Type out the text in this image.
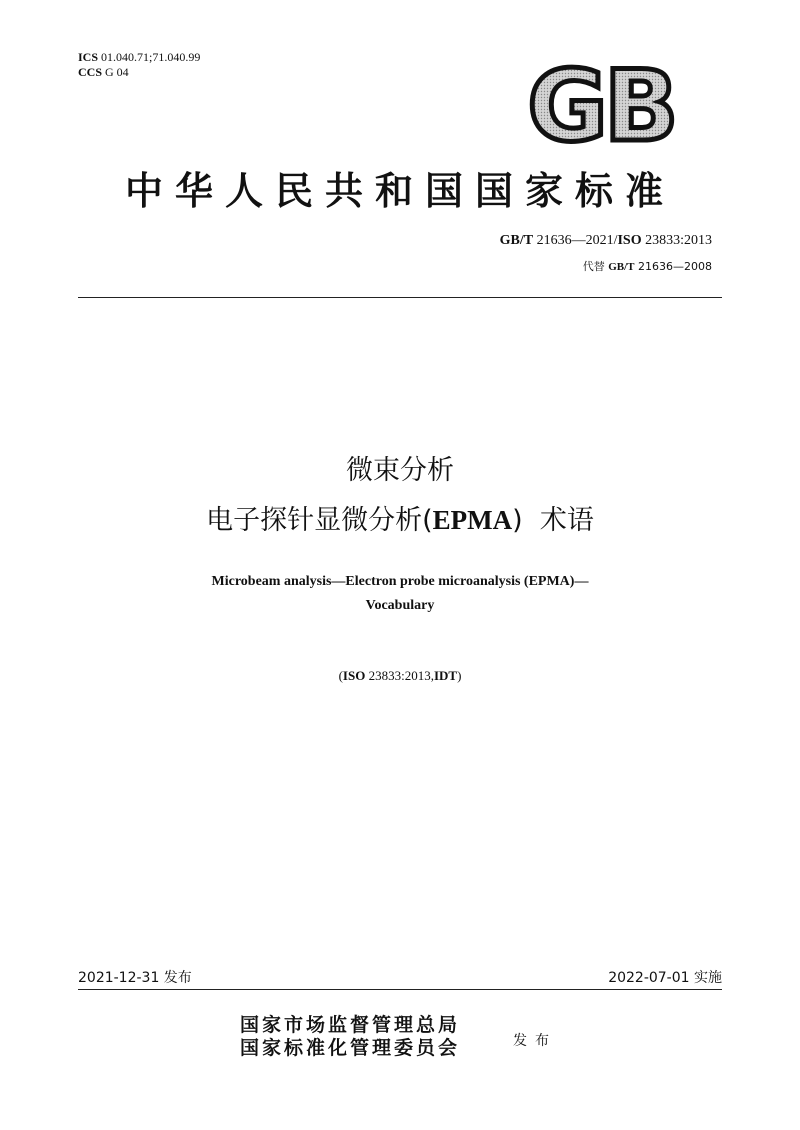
ICS 01.040.71;71.040.99
CCS G 04	GB
中华人民共和国国家标准
GB/T 21636—2021/ISO 23833:2013
代替 GB/T 21636—2008
微束分析
电子探针显微分析(EPMA)  术语
Microbeam analysis—Electron probe microanalysis (EPMA)—
Vocabulary
(ISO 23833:2013,IDT)
2021-12-31 发布	2022-07-01 实施
国家市场监督管理总局
国家标准化管理委员会	发布
